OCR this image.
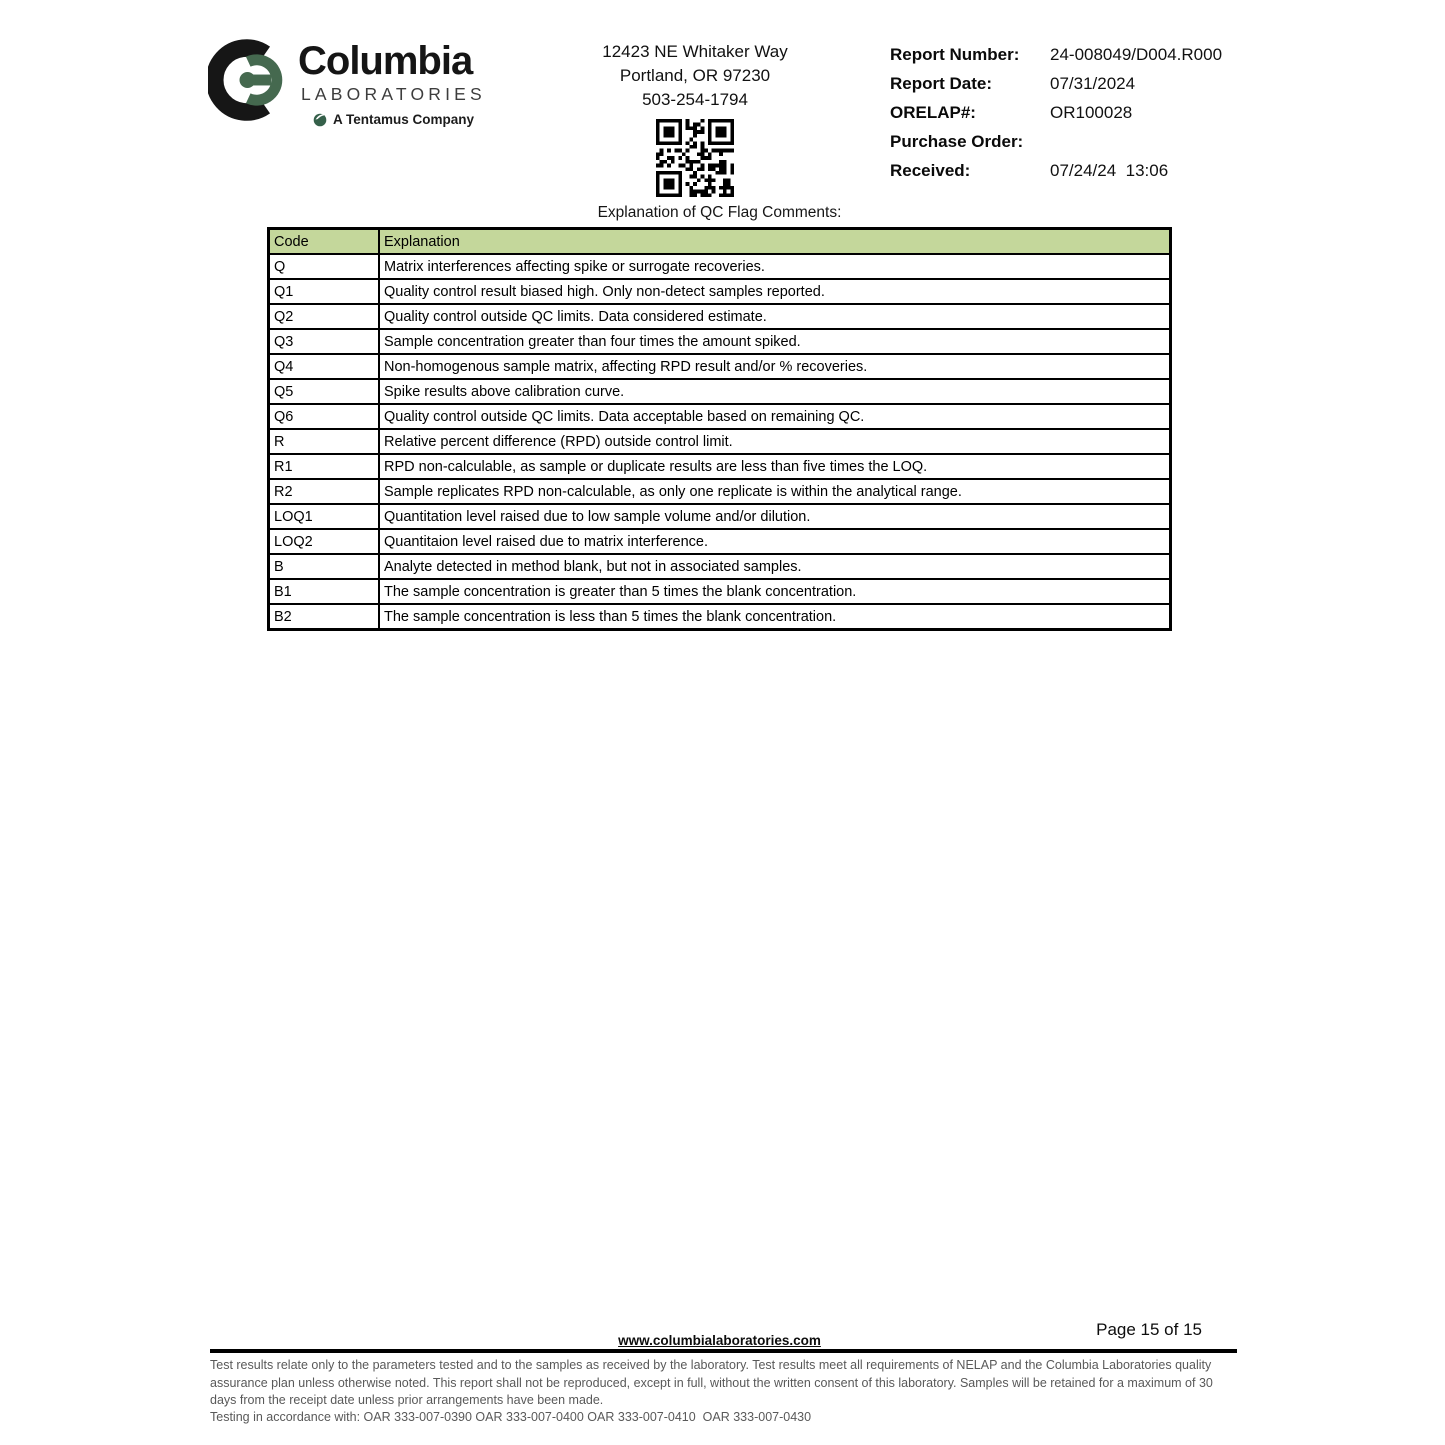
Columbia
LABORATORIES
A Tentamus Company
12423 NE Whitaker Way
Portland, OR 97230
503-254-1794
Report Number:	24-008049/D004.R000
Report Date:	07/31/2024
ORELAP#:	OR100028
Purchase Order:
Received:	07/24/24  13:06
Explanation of QC Flag Comments:
Code	Explanation
Q	Matrix interferences affecting spike or surrogate recoveries.
Q1	Quality control result biased high. Only non-detect samples reported.
Q2	Quality control outside QC limits. Data considered estimate.
Q3	Sample concentration greater than four times the amount spiked.
Q4	Non-homogenous sample matrix, affecting RPD result and/or % recoveries.
Q5	Spike results above calibration curve.
Q6	Quality control outside QC limits. Data acceptable based on remaining QC.
R	Relative percent difference (RPD) outside control limit.
R1	RPD non-calculable, as sample or duplicate results are less than five times the LOQ.
R2	Sample replicates RPD non-calculable, as only one replicate is within the analytical range.
LOQ1	Quantitation level raised due to low sample volume and/or dilution.
LOQ2	Quantitaion level raised due to matrix interference.
B	Analyte detected in method blank, but not in associated samples.
B1	The sample concentration is greater than 5 times the blank concentration.
B2	The sample concentration is less than 5 times the blank concentration.
Page 15 of 15
www.columbialaboratories.com
Test results relate only to the parameters tested and to the samples as received by the laboratory. Test results meet all requirements of NELAP and the Columbia Laboratories quality assurance plan unless otherwise noted. This report shall not be reproduced, except in full, without the written consent of this laboratory. Samples will be retained for a maximum of 30 days from the receipt date unless prior arrangements have been made.
Testing in accordance with: OAR 333-007-0390 OAR 333-007-0400 OAR 333-007-0410  OAR 333-007-0430
